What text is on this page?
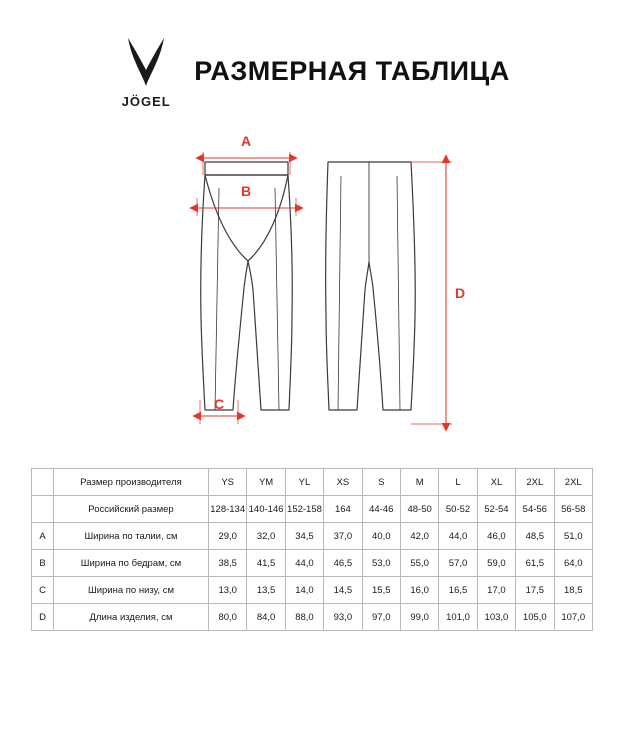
JÖGEL
РАЗМЕРНАЯ ТАБЛИЦА
A
B
C
D
	Размер производителя	YS	YM	YL	XS	S	M	L	XL	2XL	2XL
	Российский размер	128-134	140-146	152-158	164	44-46	48-50	50-52	52-54	54-56	56-58
A	Ширина по талии, см	29,0	32,0	34,5	37,0	40,0	42,0	44,0	46,0	48,5	51,0
B	Ширина по бедрам, см	38,5	41,5	44,0	46,5	53,0	55,0	57,0	59,0	61,5	64,0
C	Ширина по низу, см	13,0	13,5	14,0	14,5	15,5	16,0	16,5	17,0	17,5	18,5
D	Длина изделия, см	80,0	84,0	88,0	93,0	97,0	99,0	101,0	103,0	105,0	107,0
